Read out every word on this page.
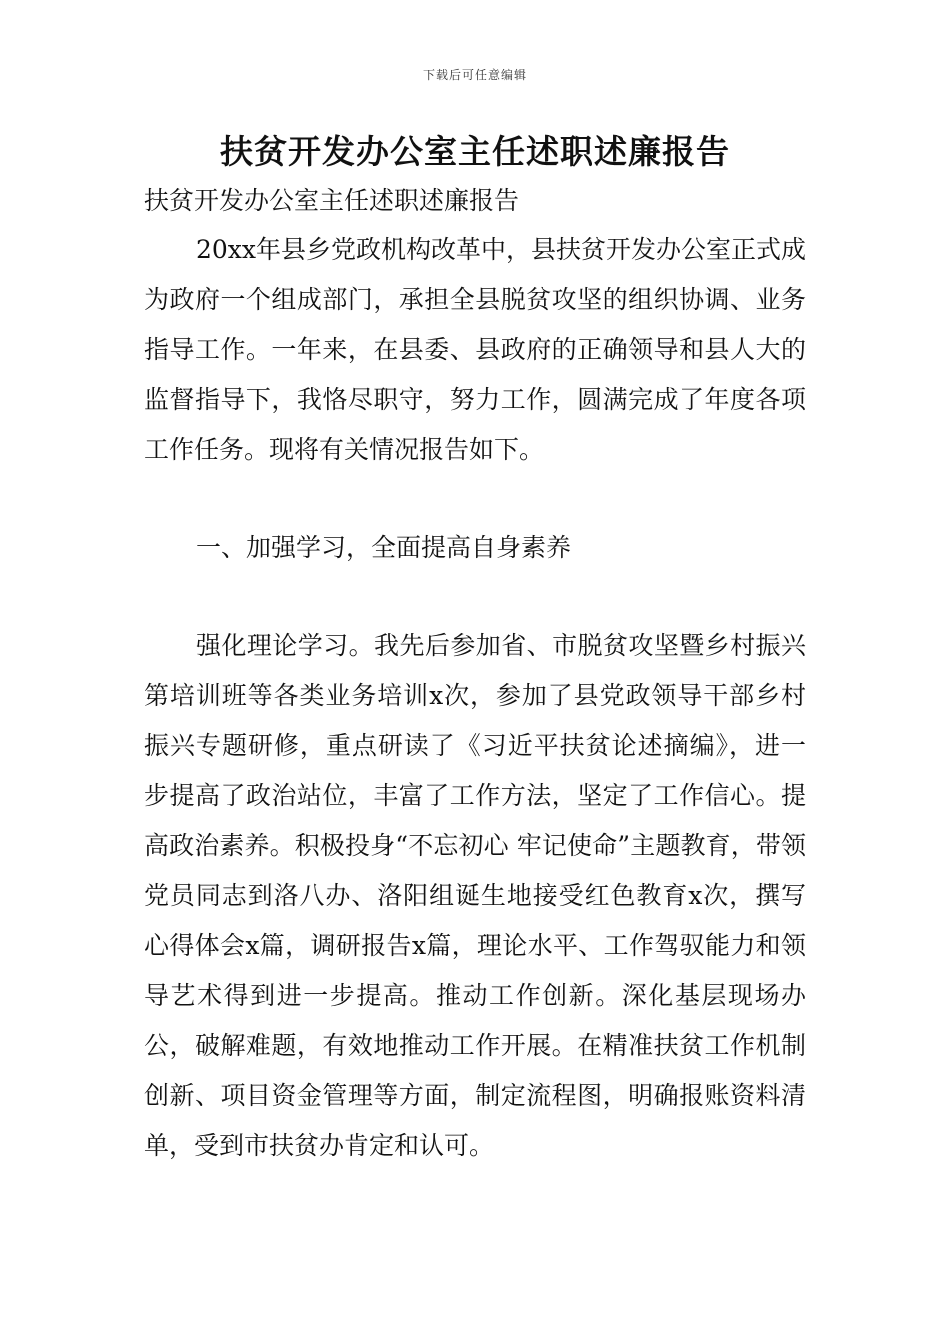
下载后可任意编辑
扶贫开发办公室主任述职述廉报告

扶贫开发办公室主任述职述廉报告

20xx年县乡党政机构改革中，县扶贫开发办公室正式成为政府一个组成部门，承担全县脱贫攻坚的组织协调、业务指导工作。一年来，在县委、县政府的正确领导和县人大的监督指导下，我恪尽职守，努力工作，圆满完成了年度各项工作任务。现将有关情况报告如下。

一、加强学习，全面提高自身素养

强化理论学习。我先后参加省、市脱贫攻坚暨乡村振兴第培训班等各类业务培训x次，参加了县党政领导干部乡村振兴专题研修，重点研读了《习近平扶贫论述摘编》，进一步提高了政治站位，丰富了工作方法，坚定了工作信心。提高政治素养。积极投身“不忘初心 牢记使命”主题教育，带领党员同志到洛八办、洛阳组诞生地接受红色教育x次，撰写心得体会x篇，调研报告x篇，理论水平、工作驾驭能力和领导艺术得到进一步提高。推动工作创新。深化基层现场办公，破解难题，有效地推动工作开展。在精准扶贫工作机制创新、项目资金管理等方面，制定流程图，明确报账资料清单，受到市扶贫办肯定和认可。
